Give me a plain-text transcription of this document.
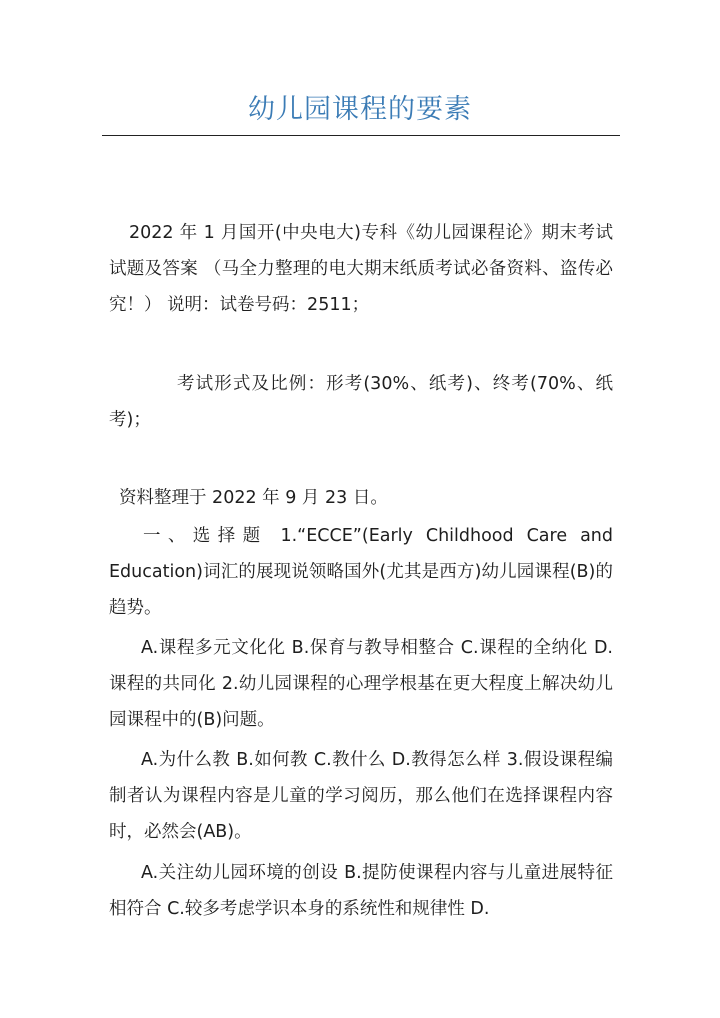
幼儿园课程的要素

2022 年 1 月国开(中央电大)专科《幼儿园课程论》期末考试试题及答案 （马全力整理的电大期末纸质考试必备资料、盗传必究！） 说明：试卷号码：2511；

考试形式及比例：形考(30%、纸考)、终考(70%、纸考)；

资料整理于 2022 年 9 月 23 日。

一、选择题 1.“ECCE”(Early Childhood Care and Education)词汇的展现说领略国外(尤其是西方)幼儿园课程(B)的趋势。

A.课程多元文化化 B.保育与教导相整合 C.课程的全纳化 D.课程的共同化 2.幼儿园课程的心理学根基在更大程度上解决幼儿园课程中的(B)问题。

A.为什么教 B.如何教 C.教什么 D.教得怎么样 3.假设课程编制者认为课程内容是儿童的学习阅历，那么他们在选择课程内容时，必然会(AB)。

A.关注幼儿园环境的创设 B.提防使课程内容与儿童进展特征相符合 C.较多考虑学识本身的系统性和规律性 D.
